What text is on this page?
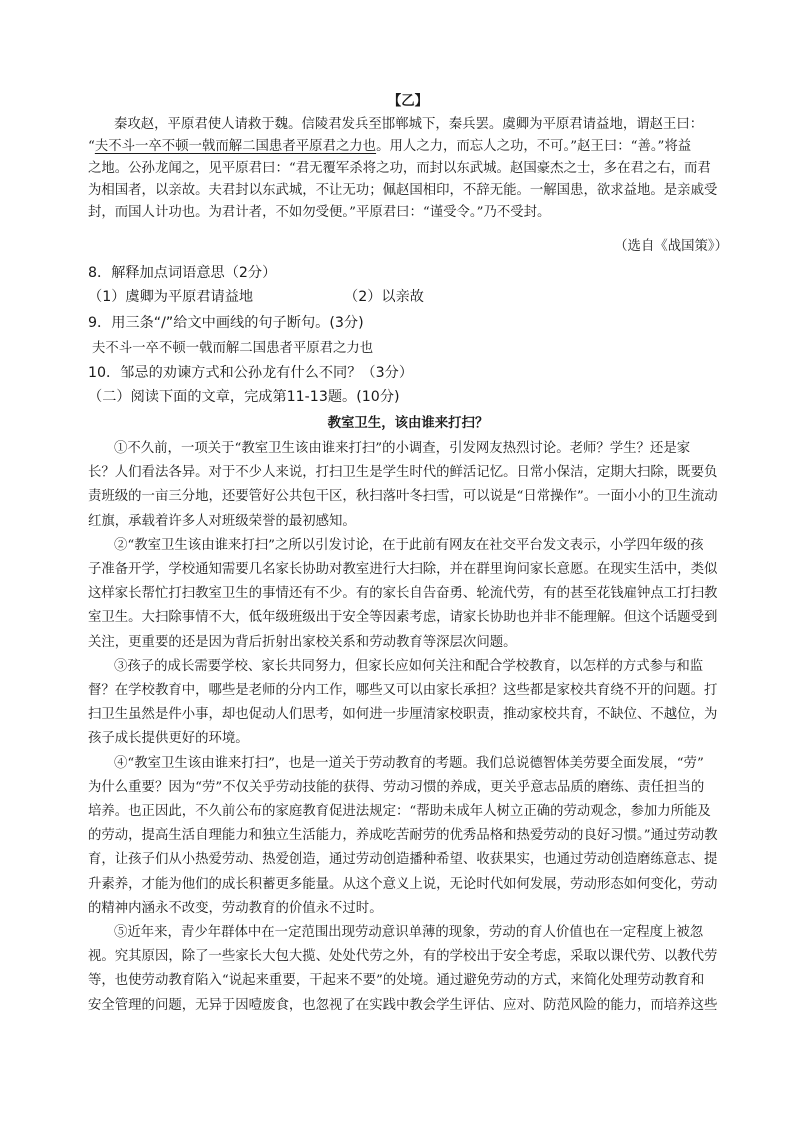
【乙】
秦攻赵，平原君使人请救于魏。信陵君发兵至邯郸城下，秦兵罢。虞卿为平原君请益地，谓赵王曰：
“夫不斗一卒不顿一戟而解二国患者平原君之力也。用人之力，而忘人之功，不可。”赵王曰：“善。”将益
之地。公孙龙闻之，见平原君曰：“君无覆军杀将之功，而封以东武城。赵国豪杰之士，多在君之右，而君
为相国者，以亲故。夫君封以东武城，不让无功；佩赵国相印，不辞无能。一解国患，欲求益地。是亲戚受
封，而国人计功也。为君计者，不如勿受便。”平原君曰：“谨受令。”乃不受封。
（选自《战国策》）
8．解释加点词语意思（2分）
（1）虞卿为平原君请益地	（2）以亲故
9．用三条“/”给文中画线的句子断句。(3分)
夫不斗一卒不顿一戟而解二国患者平原君之力也
10．邹忌的劝谏方式和公孙龙有什么不同？（3分）
（二）阅读下面的文章，完成第11-13题。(10分)
教室卫生，该由谁来打扫？
①不久前，一项关于“教室卫生该由谁来打扫”的小调查，引发网友热烈讨论。老师？学生？还是家
长？人们看法各异。对于不少人来说，打扫卫生是学生时代的鲜活记忆。日常小保洁，定期大扫除，既要负
责班级的一亩三分地，还要管好公共包干区，秋扫落叶冬扫雪，可以说是“日常操作”。一面小小的卫生流动
红旗，承载着许多人对班级荣誉的最初感知。
②“教室卫生该由谁来打扫”之所以引发讨论，在于此前有网友在社交平台发文表示，小学四年级的孩
子准备开学，学校通知需要几名家长协助对教室进行大扫除，并在群里询问家长意愿。在现实生活中，类似
这样家长帮忙打扫教室卫生的事情还有不少。有的家长自告奋勇、轮流代劳，有的甚至花钱雇钟点工打扫教
室卫生。大扫除事情不大，低年级班级出于安全等因素考虑，请家长协助也并非不能理解。但这个话题受到
关注，更重要的还是因为背后折射出家校关系和劳动教育等深层次问题。
③孩子的成长需要学校、家长共同努力，但家长应如何关注和配合学校教育，以怎样的方式参与和监
督？在学校教育中，哪些是老师的分内工作，哪些又可以由家长承担？这些都是家校共育绕不开的问题。打
扫卫生虽然是件小事，却也促动人们思考，如何进一步厘清家校职责，推动家校共育，不缺位、不越位，为
孩子成长提供更好的环境。
④“教室卫生该由谁来打扫”，也是一道关于劳动教育的考题。我们总说德智体美劳要全面发展，“劳”
为什么重要？因为“劳”不仅关乎劳动技能的获得、劳动习惯的养成，更关乎意志品质的磨练、责任担当的
培养。也正因此，不久前公布的家庭教育促进法规定：“帮助未成年人树立正确的劳动观念，参加力所能及
的劳动，提高生活自理能力和独立生活能力，养成吃苦耐劳的优秀品格和热爱劳动的良好习惯。”通过劳动教
育，让孩子们从小热爱劳动、热爱创造，通过劳动创造播种希望、收获果实，也通过劳动创造磨练意志、提
升素养，才能为他们的成长积蓄更多能量。从这个意义上说，无论时代如何发展，劳动形态如何变化，劳动
的精神内涵永不改变，劳动教育的价值永不过时。
⑤近年来，青少年群体中在一定范围出现劳动意识单薄的现象，劳动的育人价值也在一定程度上被忽
视。究其原因，除了一些家长大包大揽、处处代劳之外，有的学校出于安全考虑，采取以课代劳、以教代劳
等，也使劳动教育陷入“说起来重要，干起来不要”的处境。通过避免劳动的方式，来简化处理劳动教育和
安全管理的问题，无异于因噎废食，也忽视了在实践中教会学生评估、应对、防范风险的能力，而培养这些
